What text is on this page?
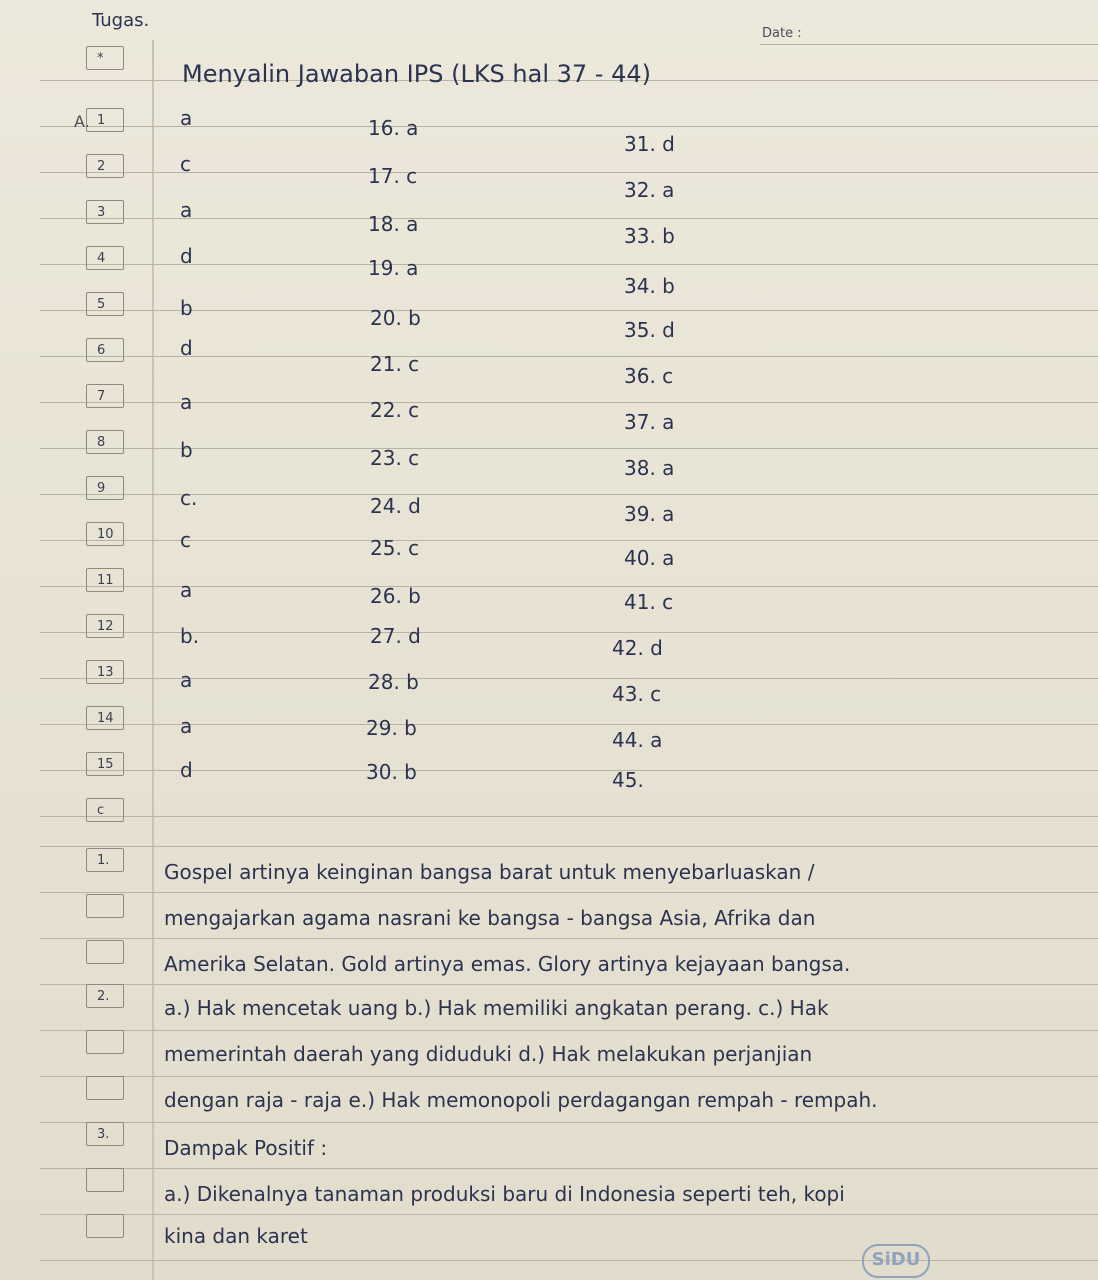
Tugas.
Date :
*
Menyalin Jawaban IPS (LKS hal 37 - 44)
A. 1	a
2	c
3	a
4	d
5	b
6	d
7	a
8	b
9	c.
10	c
11	a
12	b.
13	a
14	a
15	d
16. a
17. c
18. a
19. a
20. b
21. c
22. c
23. c
24. d
25. c
26. b
27. d
28. b
29. b
30. b
31. d
32. a
33. b
34. b
35. d
36. c
37. a
38. a
39. a
40. a
41. c
42. d
43. c
44. a
45.
c
1.
2.
3.
Gospel artinya keinginan bangsa barat untuk menyebarluaskan /
mengajarkan agama nasrani ke bangsa - bangsa Asia, Afrika dan
Amerika Selatan. Gold artinya emas. Glory artinya kejayaan bangsa.
a.) Hak mencetak uang b.) Hak memiliki angkatan perang. c.) Hak
memerintah daerah yang diduduki d.) Hak melakukan perjanjian
dengan raja - raja e.) Hak memonopoli perdagangan rempah - rempah.
Dampak Positif :
a.) Dikenalnya tanaman produksi baru di Indonesia seperti teh, kopi
kina dan karet
SiDU
